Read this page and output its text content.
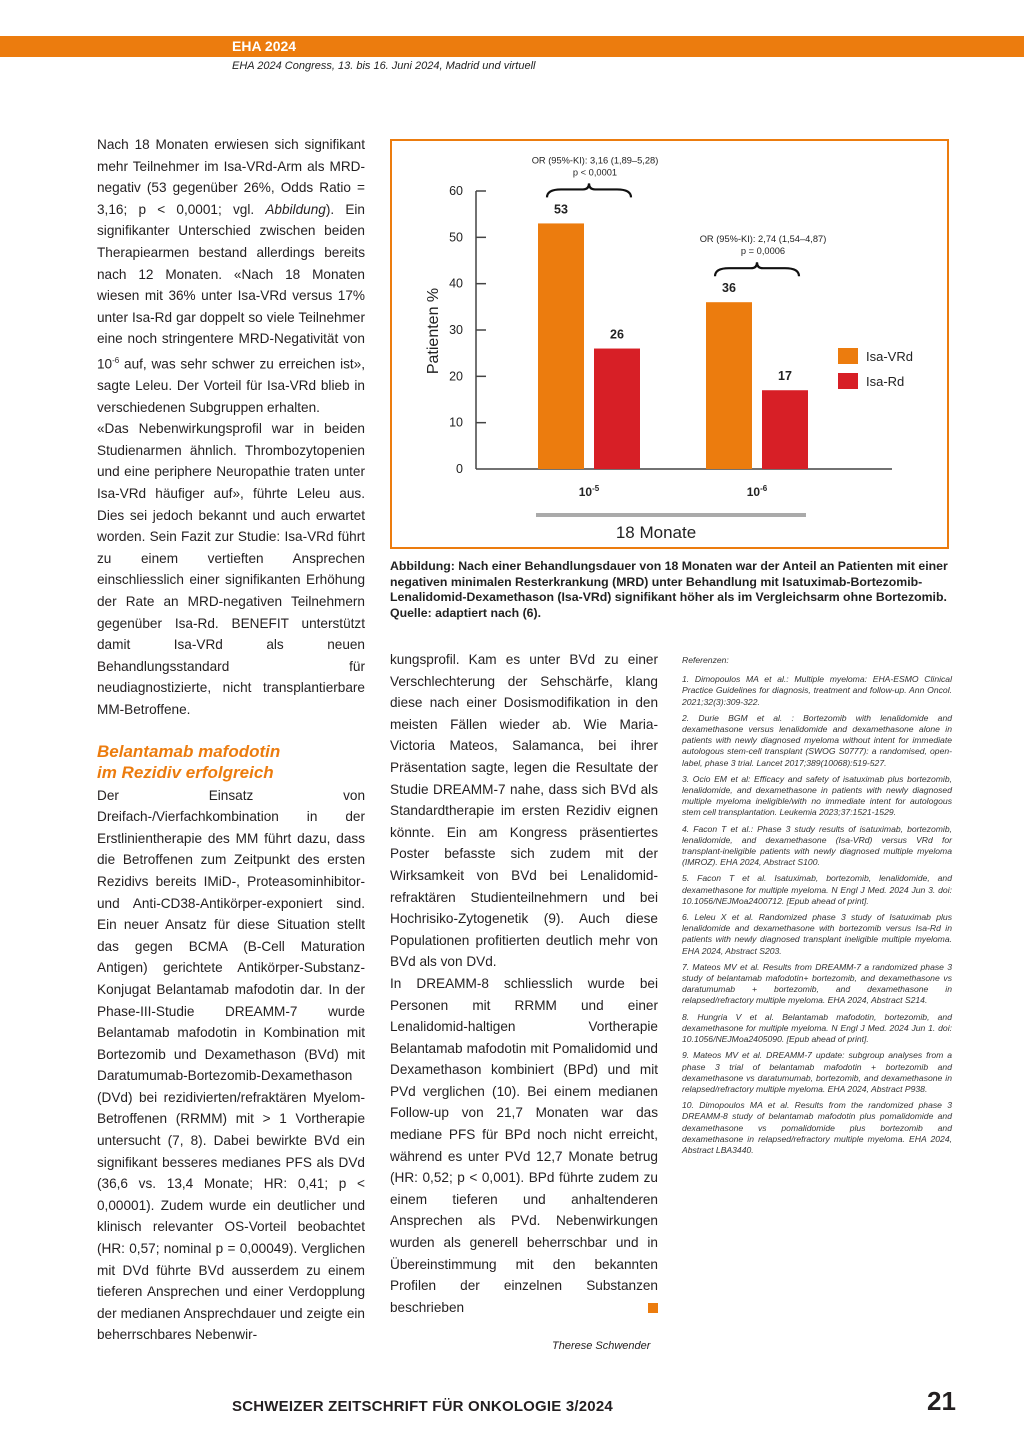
EHA 2024
EHA 2024 Congress, 13. bis 16. Juni 2024, Madrid und virtuell

Nach 18 Monaten erwiesen sich signifikant mehr Teilnehmer im Isa-VRd-Arm als MRD-negativ (53 gegenüber 26%, Odds Ratio = 3,16; p < 0,0001; vgl. Abbildung). Ein signifikanter Unterschied zwischen beiden Therapiearmen bestand allerdings bereits nach 12 Monaten. «Nach 18 Monaten wiesen mit 36% unter Isa-VRd versus 17% unter Isa-Rd gar doppelt so viele Teilnehmer eine noch stringentere MRD-Negativität von $10^{-6}$ auf, was sehr schwer zu erreichen ist», sagte Leleu. Der Vorteil für Isa-VRd blieb in verschiedenen Subgruppen erhalten.

«Das Nebenwirkungsprofil war in beiden Studienarmen ähnlich. Thrombozytopenien und eine periphere Neuropathie traten unter Isa-VRd häufiger auf», führte Leleu aus. Dies sei jedoch bekannt und auch erwartet worden. Sein Fazit zur Studie: Isa-VRd führt zu einem vertieften Ansprechen einschliesslich einer signifikanten Erhöhung der Rate an MRD-negativen Teilnehmern gegenüber Isa-Rd. BENEFIT unterstützt damit Isa-VRd als neuen Behandlungsstandard für neudiagnostizierte, nicht transplantierbare MM-Betroffene.

Belantamab mafodotin
im Rezidiv erfolgreich

Der Einsatz von Dreifach-/Vierfachkombination in der Erstlinientherapie des MM führt dazu, dass die Betroffenen zum Zeitpunkt des ersten Rezidivs bereits IMiD-, Proteasominhibitor- und Anti-CD38-Antikörper-exponiert sind. Ein neuer Ansatz für diese Situation stellt das gegen BCMA (B-Cell Maturation Antigen) gerichtete Antikörper-Substanz-Konjugat Belantamab mafodotin dar. In der Phase-III-Studie DREAMM-7 wurde Belantamab mafodotin in Kombination mit Bortezomib und Dexamethason (BVd) mit Daratumumab-Bortezomib-Dexamethason (DVd) bei rezidivierten/refraktären Myelom-Betroffenen (RRMM) mit > 1 Vortherapie untersucht (7, 8). Dabei bewirkte BVd ein signifikant besseres medianes PFS als DVd (36,6 vs. 13,4 Monate; HR: 0,41; p < 0,00001). Zudem wurde ein deutlicher und klinisch relevanter OS-Vorteil beobachtet (HR: 0,57; nominal p = 0,00049). Verglichen mit DVd führte BVd ausserdem zu einem tieferen Ansprechen und einer Verdopplung der medianen Ansprechdauer und zeigte ein beherrschbares Nebenwir-

0
10
20
30
40
50
60
Patienten %
53
26
$10^{-5}$
OR (95%-KI): 3,16 (1,89–5,28)
p < 0,0001
36
17
$10^{-6}$
OR (95%-KI): 2,74 (1,54–4,87)
p = 0,0006
18 Monate
Isa-VRd
Isa-Rd
Abbildung: Nach einer Behandlungsdauer von 18 Monaten war der Anteil an Patienten mit einer negativen minimalen Resterkrankung (MRD) unter Behandlung mit Isatuximab-Bortezomib-Lenalidomid-Dexamethason (Isa-VRd) signifikant höher als im Vergleichsarm ohne Bortezomib. Quelle: adaptiert nach (6).

kungsprofil. Kam es unter BVd zu einer Verschlechterung der Sehschärfe, klang diese nach einer Dosismodifikation in den meisten Fällen wieder ab. Wie Maria-Victoria Mateos, Salamanca, bei ihrer Präsentation sagte, legen die Resultate der Studie DREAMM-7 nahe, dass sich BVd als Standardtherapie im ersten Rezidiv eignen könnte. Ein am Kongress präsentiertes Poster befasste sich zudem mit der Wirksamkeit von BVd bei Lenalidomid-refraktären Studienteilnehmern und bei Hochrisiko-Zytogenetik (9). Auch diese Populationen profitierten deutlich mehr von BVd als von DVd.

In DREAMM-8 schliesslich wurde bei Personen mit RRMM und einer Lenalidomid-haltigen Vortherapie Belantamab mafodotin mit Pomalidomid und Dexamethason kombiniert (BPd) und mit PVd verglichen (10). Bei einem medianen Follow-up von 21,7 Monaten war das mediane PFS für BPd noch nicht erreicht, während es unter PVd 12,7 Monate betrug (HR: 0,52; p < 0,001). BPd führte zudem zu einem tieferen und anhaltenderen Ansprechen als PVd. Nebenwirkungen wurden als generell beherrschbar und in Übereinstimmung mit den bekannten Profilen der einzelnen Substanzen beschrieben

Therese Schwender

Referenzen:

1. Dimopoulos MA et al.: Multiple myeloma: EHA-ESMO Clinical Practice Guidelines for diagnosis, treatment and follow-up. Ann Oncol. 2021;32(3):309-322.

2. Durie BGM et al. : Bortezomib with lenalidomide and dexamethasone versus lenalidomide and dexamethasone alone in patients with newly diagnosed myeloma without intent for immediate autologous stem-cell transplant (SWOG S0777): a randomised, open-label, phase 3 trial. Lancet 2017;389(10068):519-527.

3. Ocio EM et al: Efficacy and safety of isatuximab plus bortezomib, lenalidomide, and dexamethasone in patients with newly diagnosed multiple myeloma ineligible/with no immediate intent for autologous stem cell transplantation. Leukemia 2023;37:1521-1529.

4. Facon T et al.: Phase 3 study results of isatuximab, bortezomib, lenalidomide, and dexamethasone (Isa-VRd) versus VRd for transplant-ineligible patients with newly diagnosed multiple myeloma (IMROZ). EHA 2024, Abstract S100.

5. Facon T et al. Isatuximab, bortezomib, lenalidomide, and dexamethasone for multiple myeloma. N Engl J Med. 2024 Jun 3. doi: 10.1056/NEJMoa2400712. [Epub ahead of print].

6. Leleu X et al. Randomized phase 3 study of Isatuximab plus lenalidomide and dexamethasone with bortezomib versus Isa-Rd in patients with newly diagnosed transplant ineligible multiple myeloma. EHA 2024, Abstract S203.

7. Mateos MV et al. Results from DREAMM-7 a randomized phase 3 study of belantamab mafodotin+ bortezomib, and dexamethasone vs daratumumab + bortezomib, and dexamethasone in relapsed/refractory multiple myeloma. EHA 2024, Abstract S214.

8. Hungria V et al. Belantamab mafodotin, bortezomib, and dexamethasone for multiple myeloma. N Engl J Med. 2024 Jun 1. doi: 10.1056/NEJMoa2405090. [Epub ahead of print].

9. Mateos MV et al. DREAMM-7 update: subgroup analyses from a phase 3 trial of belantamab mafodotin + bortezomib and dexamethasone vs daratumumab, bortezomib, and dexamethasone in relapsed/refractory multiple myeloma. EHA 2024, Abstract P938.

10. Dimopoulos MA et al. Results from the randomized phase 3 DREAMM-8 study of belantamab mafodotin plus pomalidomide and dexamethasone vs pomalidomide plus bortezomib and dexamethasone in relapsed/refractory multiple myeloma. EHA 2024, Abstract LBA3440.

SCHWEIZER ZEITSCHRIFT FÜR ONKOLOGIE 3/2024	21
